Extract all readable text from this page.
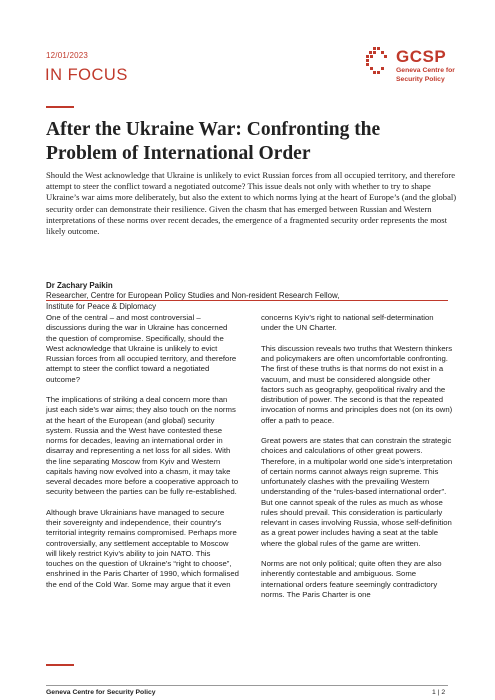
12/01/2023
IN FOCUS
GCSP
Geneva Centre for
Security Policy
After the Ukraine War: Confronting the Problem of International Order

Should the West acknowledge that Ukraine is unlikely to evict Russian forces from all occupied territory, and therefore attempt to steer the conflict toward a negotiated outcome? This issue deals not only with whether to try to shape Ukraine’s war aims more deliberately, but also the extent to which norms lying at the heart of Europe’s (and the global) security order can demonstrate their resilience. Given the chasm that has emerged between Russian and Western interpretations of these norms over recent decades, the emergence of a fragmented security order represents the most likely outcome.

Dr Zachary Paikin
Researcher, Centre for European Policy Studies and Non-resident Research Fellow, Institute for Peace & Diplomacy

One of the central – and most controversial – discussions during the war in Ukraine has concerned the question of compromise. Specifically, should the West acknowledge that Ukraine is unlikely to evict Russian forces from all occupied territory, and therefore attempt to steer the conflict toward a negotiated outcome?

The implications of striking a deal concern more than just each side’s war aims; they also touch on the norms at the heart of the European (and global) security system. Russia and the West have contested these norms for decades, leaving an international order in disarray and representing a net loss for all sides. With the line separating Moscow from Kyiv and Western capitals having now evolved into a chasm, it may take several decades more before a cooperative approach to security between the parties can be fully re-established.

Although brave Ukrainians have managed to secure their sovereignty and independence, their country’s territorial integrity remains compromised. Perhaps more controversially, any settlement acceptable to Moscow will likely restrict Kyiv’s ability to join NATO. This touches on the question of Ukraine’s “right to choose”, enshrined in the Paris Charter of 1990, which formalised the end of the Cold War. Some may argue that it even

concerns Kyiv’s right to national self-determination under the UN Charter.

This discussion reveals two truths that Western thinkers and policymakers are often uncomfortable confronting. The first of these truths is that norms do not exist in a vacuum, and must be considered alongside other factors such as geography, geopolitical rivalry and the distribution of power. The second is that the repeated invocation of norms and principles does not (on its own) offer a path to peace.

Great powers are states that can constrain the strategic choices and calculations of other great powers. Therefore, in a multipolar world one side’s interpretation of certain norms cannot always reign supreme. This unfortunately clashes with the prevailing Western understanding of the “rules-based international order”. But one cannot speak of the rules as much as whose rules should prevail. This consideration is particularly relevant in cases involving Russia, whose self-definition as a great power includes having a seat at the table where the global rules of the game are written.

Norms are not only political; quite often they are also inherently contestable and ambiguous. Some international orders feature seemingly contradictory norms. The Paris Charter is one

Geneva Centre for Security Policy	1 | 2
